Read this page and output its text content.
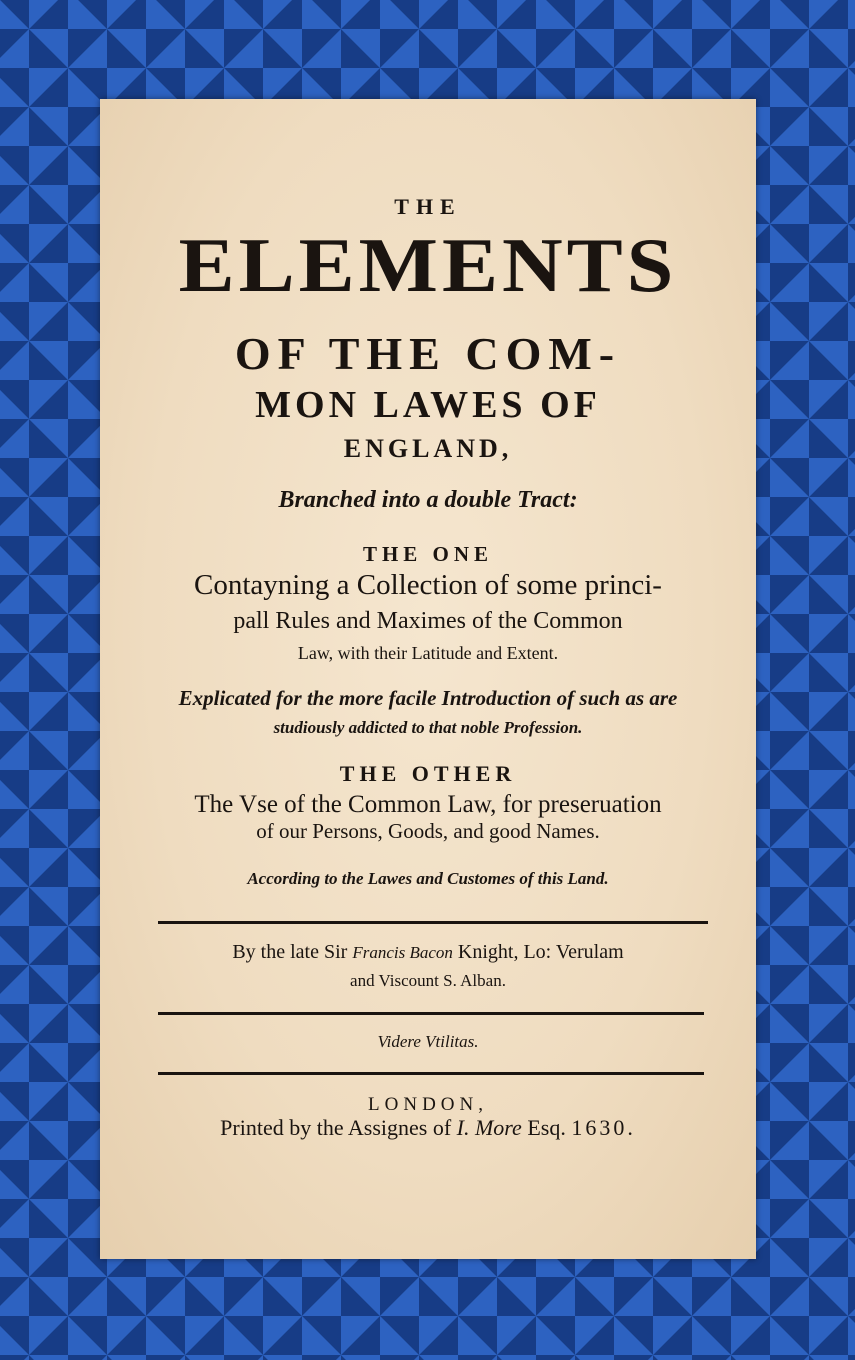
THE
ELEMENTS
OF THE COM-
MON LAWES OF
ENGLAND,
Branched into a double Tract:
THE ONE
Contayning a Collection of some princi-
pall Rules and Maximes of the Common
Law, with their Latitude and Extent.
Explicated for the more facile Introduction of such as are
studiously addicted to that noble Profession.
THE OTHER
The Vse of the Common Law, for preseruation
of our Persons, Goods, and good Names.
According to the Lawes and Customes of this Land.
By the late Sir Francis Bacon Knight, Lo: Verulam
and Viscount S. Alban.
Videre Vtilitas.
LONDON,
Printed by the Assignes of I. More Esq. 1630.
